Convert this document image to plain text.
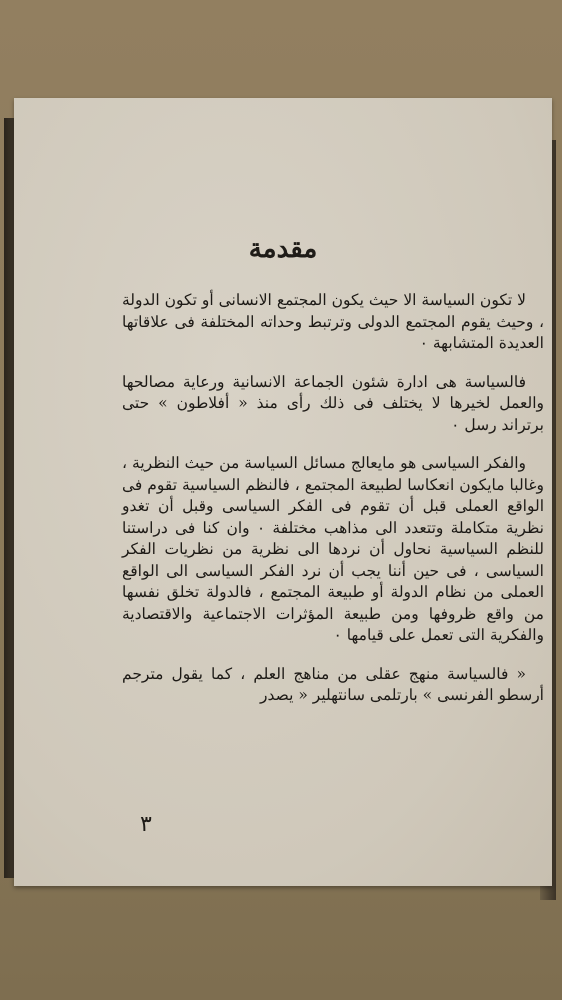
مقدمة

لا تكون السياسة الا حيث يكون المجتمع الانسانى أو تكون الدولة ، وحيث يقوم المجتمع الدولى وترتبط وحداته المختلفة فى علاقاتها العديدة المتشابهة ٠

فالسياسة هى ادارة شئون الجماعة الانسانية ورعاية مصالحها والعمل لخيرها لا يختلف فى ذلك رأى منذ « أفلاطون » حتى برتراند رسل ٠

والفكر السياسى هو مايعالج مسائل السياسة من حيث النظرية ، وغالبا مايكون انعكاسا لطبيعة المجتمع ، فالنظم السياسية تقوم فى الواقع العملى قبل أن تقوم فى الفكر السياسى وقبل أن تغدو نظرية متكاملة وتتعدد الى مذاهب مختلفة ٠ وان كنا فى دراستنا للنظم السياسية نحاول أن نردها الى نظرية من نظريات الفكر السياسى ، فى حين أننا يجب أن نرد الفكر السياسى الى الواقع العملى من نظام الدولة أو طبيعة المجتمع ، فالدولة تخلق نفسها من واقع ظروفها ومن طبيعة المؤثرات الاجتماعية والاقتصادية والفكرية التى تعمل على قيامها ٠

« فالسياسة منهج عقلى من مناهج العلم ، كما يقول مترجم أرسطو الفرنسى » بارتلمى سانتهلير « يصدر

٣
